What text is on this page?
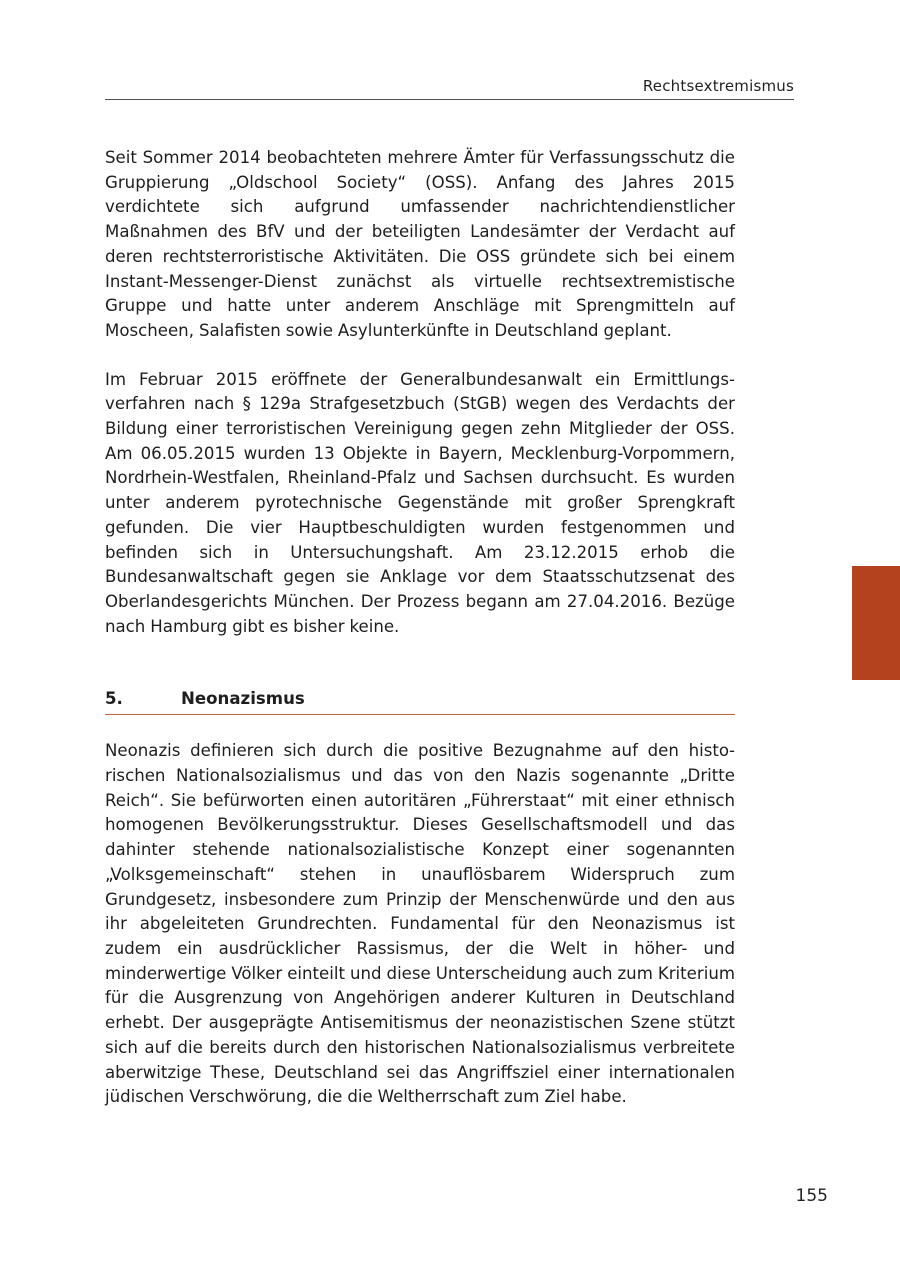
Rechtsextremismus

Seit Sommer 2014 beobachteten mehrere Ämter für Verfassungsschutz die Gruppierung „Oldschool Society“ (OSS). Anfang des Jahres 2015 verdichtete sich aufgrund umfassender nachrichtendienstlicher Maßnahmen des BfV und der beteiligten Landesämter der Verdacht auf deren rechtsterroristische Aktivitäten. Die OSS gründete sich bei einem Instant-Messenger-Dienst zunächst als virtuelle rechtsextremistische Gruppe und hatte unter anderem Anschläge mit Sprengmitteln auf Moscheen, Salafisten sowie Asylunterkünfte in Deutschland geplant.

Im Februar 2015 eröffnete der Generalbundesanwalt ein Ermittlungsverfahren nach § 129a Strafgesetzbuch (StGB) wegen des Verdachts der Bildung einer terroristischen Vereinigung gegen zehn Mitglieder der OSS. Am 06.05.2015 wurden 13 Objekte in Bayern, Mecklenburg-Vorpommern, Nordrhein-Westfalen, Rheinland-Pfalz und Sachsen durchsucht. Es wurden unter anderem pyrotechnische Gegenstände mit großer Sprengkraft gefunden. Die vier Hauptbeschuldigten wurden festgenommen und befinden sich in Untersuchungshaft. Am 23.12.2015 erhob die Bundesanwaltschaft gegen sie Anklage vor dem Staatsschutzsenat des Oberlandesgerichts München. Der Prozess begann am 27.04.2016. Bezüge nach Hamburg gibt es bisher keine.

5.	Neonazismus

Neonazis definieren sich durch die positive Bezugnahme auf den historischen Nationalsozialismus und das von den Nazis sogenannte „Dritte Reich“. Sie befürworten einen autoritären „Führerstaat“ mit einer ethnisch homogenen Bevölkerungsstruktur. Dieses Gesellschaftsmodell und das dahinter stehende nationalsozialistische Konzept einer sogenannten „Volksgemeinschaft“ stehen in unauflösbarem Widerspruch zum Grundgesetz, insbesondere zum Prinzip der Menschenwürde und den aus ihr abgeleiteten Grundrechten. Fundamental für den Neonazismus ist zudem ein ausdrücklicher Rassismus, der die Welt in höher- und minderwertige Völker einteilt und diese Unterscheidung auch zum Kriterium für die Ausgrenzung von Angehörigen anderer Kulturen in Deutschland erhebt. Der ausgeprägte Antisemitismus der neonazistischen Szene stützt sich auf die bereits durch den historischen Nationalsozialismus verbreitete aberwitzige These, Deutschland sei das Angriffsziel einer internationalen jüdischen Verschwörung, die die Weltherrschaft zum Ziel habe.

155
